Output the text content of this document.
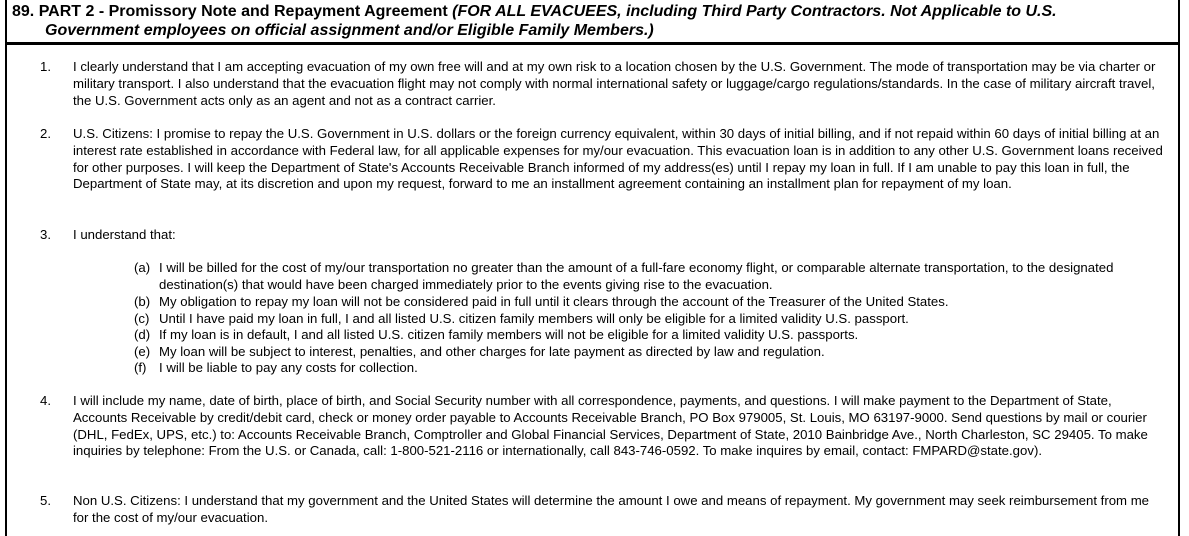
89. PART 2 - Promissory Note and Repayment Agreement (FOR ALL EVACUEES, including Third Party Contractors. Not Applicable to U.S.
Government employees on official assignment and/or Eligible Family Members.)
1. I clearly understand that I am accepting evacuation of my own free will and at my own risk to a location chosen by the U.S. Government. The mode of transportation may be via charter or military transport. I also understand that the evacuation flight may not comply with normal international safety or luggage/cargo regulations/standards. In the case of military aircraft travel, the U.S. Government acts only as an agent and not as a contract carrier.
2. U.S. Citizens: I promise to repay the U.S. Government in U.S. dollars or the foreign currency equivalent, within 30 days of initial billing, and if not repaid within 60 days of initial billing at an interest rate established in accordance with Federal law, for all applicable expenses for my/our evacuation. This evacuation loan is in addition to any other U.S. Government loans received for other purposes. I will keep the Department of State's Accounts Receivable Branch informed of my address(es) until I repay my loan in full. If I am unable to pay this loan in full, the Department of State may, at its discretion and upon my request, forward to me an installment agreement containing an installment plan for repayment of my loan.
3. I understand that:
(a) I will be billed for the cost of my/our transportation no greater than the amount of a full-fare economy flight, or comparable alternate transportation, to the designated destination(s) that would have been charged immediately prior to the events giving rise to the evacuation.
(b) My obligation to repay my loan will not be considered paid in full until it clears through the account of the Treasurer of the United States.
(c) Until I have paid my loan in full, I and all listed U.S. citizen family members will only be eligible for a limited validity U.S. passport.
(d) If my loan is in default, I and all listed U.S. citizen family members will not be eligible for a limited validity U.S. passports.
(e) My loan will be subject to interest, penalties, and other charges for late payment as directed by law and regulation.
(f) I will be liable to pay any costs for collection.
4. I will include my name, date of birth, place of birth, and Social Security number with all correspondence, payments, and questions. I will make payment to the Department of State, Accounts Receivable by credit/debit card, check or money order payable to Accounts Receivable Branch, PO Box 979005, St. Louis, MO 63197-9000. Send questions by mail or courier (DHL, FedEx, UPS, etc.) to: Accounts Receivable Branch, Comptroller and Global Financial Services, Department of State, 2010 Bainbridge Ave., North Charleston, SC 29405. To make inquiries by telephone: From the U.S. or Canada, call: 1-800-521-2116 or internationally, call 843-746-0592. To make inquires by email, contact: FMPARD@state.gov).
5. Non U.S. Citizens: I understand that my government and the United States will determine the amount I owe and means of repayment. My government may seek reimbursement from me for the cost of my/our evacuation.
